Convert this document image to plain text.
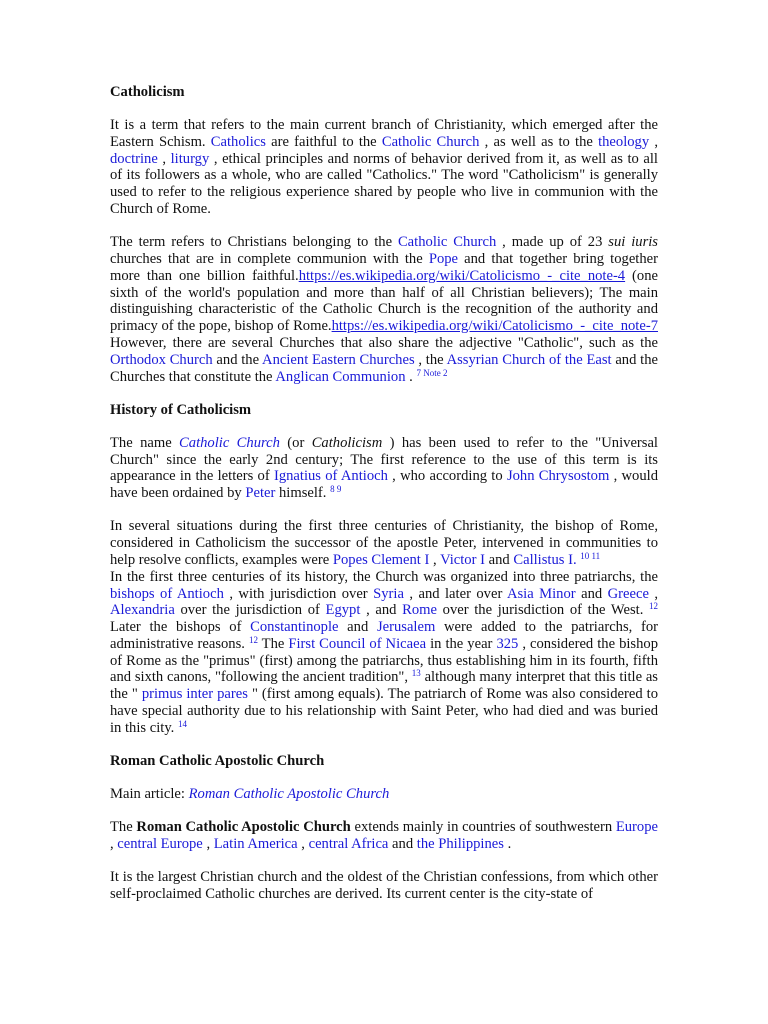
Catholicism

It is a term that refers to the main current branch of Christianity, which emerged after the Eastern Schism. Catholics are faithful to the Catholic Church , as well as to the theology , doctrine , liturgy , ethical principles and norms of behavior derived from it, as well as to all of its followers as a whole, who are called "Catholics." The word "Catholicism" is generally used to refer to the religious experience shared by people who live in communion with the Church of Rome.

The term refers to Christians belonging to the Catholic Church , made up of 23 sui iuris churches that are in complete communion with the Pope and that together bring together more than one billion faithful.https://es.wikipedia.org/wiki/Catolicismo_-_cite_note-4 (one sixth of the world's population and more than half of all Christian believers); The main distinguishing characteristic of the Catholic Church is the recognition of the authority and primacy of the pope, bishop of Rome.https://es.wikipedia.org/wiki/Catolicismo_-_cite_note-7 However, there are several Churches that also share the adjective "Catholic", such as the Orthodox Church and the Ancient Eastern Churches , the Assyrian Church of the East and the Churches that constitute the Anglican Communion . $^{7 Note 2}$

History of Catholicism

The name Catholic Church (or Catholicism ) has been used to refer to the "Universal Church" since the early 2nd century; The first reference to the use of this term is its appearance in the letters of Ignatius of Antioch , who according to John Chrysostom , would have been ordained by Peter himself. $^{8 9}$

In several situations during the first three centuries of Christianity, the bishop of Rome, considered in Catholicism the successor of the apostle Peter, intervened in communities to help resolve conflicts, examples were Popes Clement I , Victor I and Callistus I. $^{10 11}$

In the first three centuries of its history, the Church was organized into three patriarchs, the bishops of Antioch , with jurisdiction over Syria , and later over Asia Minor and Greece , Alexandria over the jurisdiction of Egypt , and Rome over the jurisdiction of the West. $^{12}$ Later the bishops of Constantinople and Jerusalem were added to the patriarchs, for administrative reasons. $^{12}$ The First Council of Nicaea in the year 325 , considered the bishop of Rome as the "primus" (first) among the patriarchs, thus establishing him in its fourth, fifth and sixth canons, "following the ancient tradition", $^{13}$ although many interpret that this title as the " primus inter pares " (first among equals). The patriarch of Rome was also considered to have special authority due to his relationship with Saint Peter, who had died and was buried in this city. $^{14}$

Roman Catholic Apostolic Church

Main article: Roman Catholic Apostolic Church

The Roman Catholic Apostolic Church extends mainly in countries of southwestern Europe , central Europe , Latin America , central Africa and the Philippines .

It is the largest Christian church and the oldest of the Christian confessions, from which other self-proclaimed Catholic churches are derived. Its current center is the city-state of
